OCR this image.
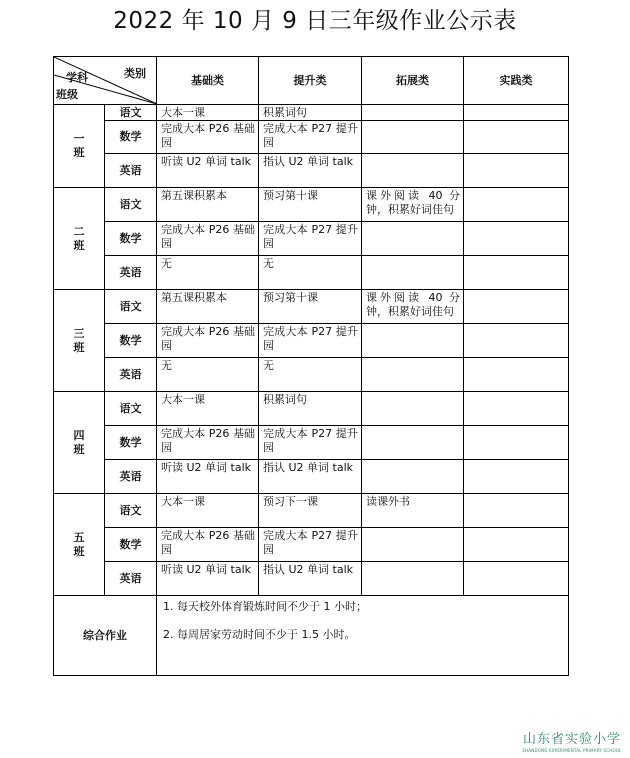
2022 年 10 月 9 日三年级作业公示表
类别
学科
班级		基础类	提升类	拓展类	实践类

一
班	语文	大本一课	积累词句		
	数学	完成大本 P26 基础园	完成大本 P27 提升园		
	英语	听读 U2 单词 talk	指认 U2 单词 talk		

二
班	语文	第五课积累本	预习第十课	课外阅读 40 分钟，积累好词佳句	
	数学	完成大本 P26 基础园	完成大本 P27 提升园		
	英语	无	无		

三
班	语文	第五课积累本	预习第十课	课外阅读 40 分钟，积累好词佳句	
	数学	完成大本 P26 基础园	完成大本 P27 提升园		
	英语	无	无		

四
班	语文	大本一课	积累词句		
	数学	完成大本 P26 基础园	完成大本 P27 提升园		
	英语	听读 U2 单词 talk	指认 U2 单词 talk		

五
班	语文	大本一课	预习下一课	读课外书	
	数学	完成大本 P26 基础园	完成大本 P27 提升园		
	英语	听读 U2 单词 talk	指认 U2 单词 talk		
综合作业		1. 每天校外体育锻炼时间不少于 1 小时；

2. 每周居家劳动时间不少于 1.5 小时。			

山东省实验小学
SHANDONG EXPERIMENTAL PRIMARY SCHOOL
